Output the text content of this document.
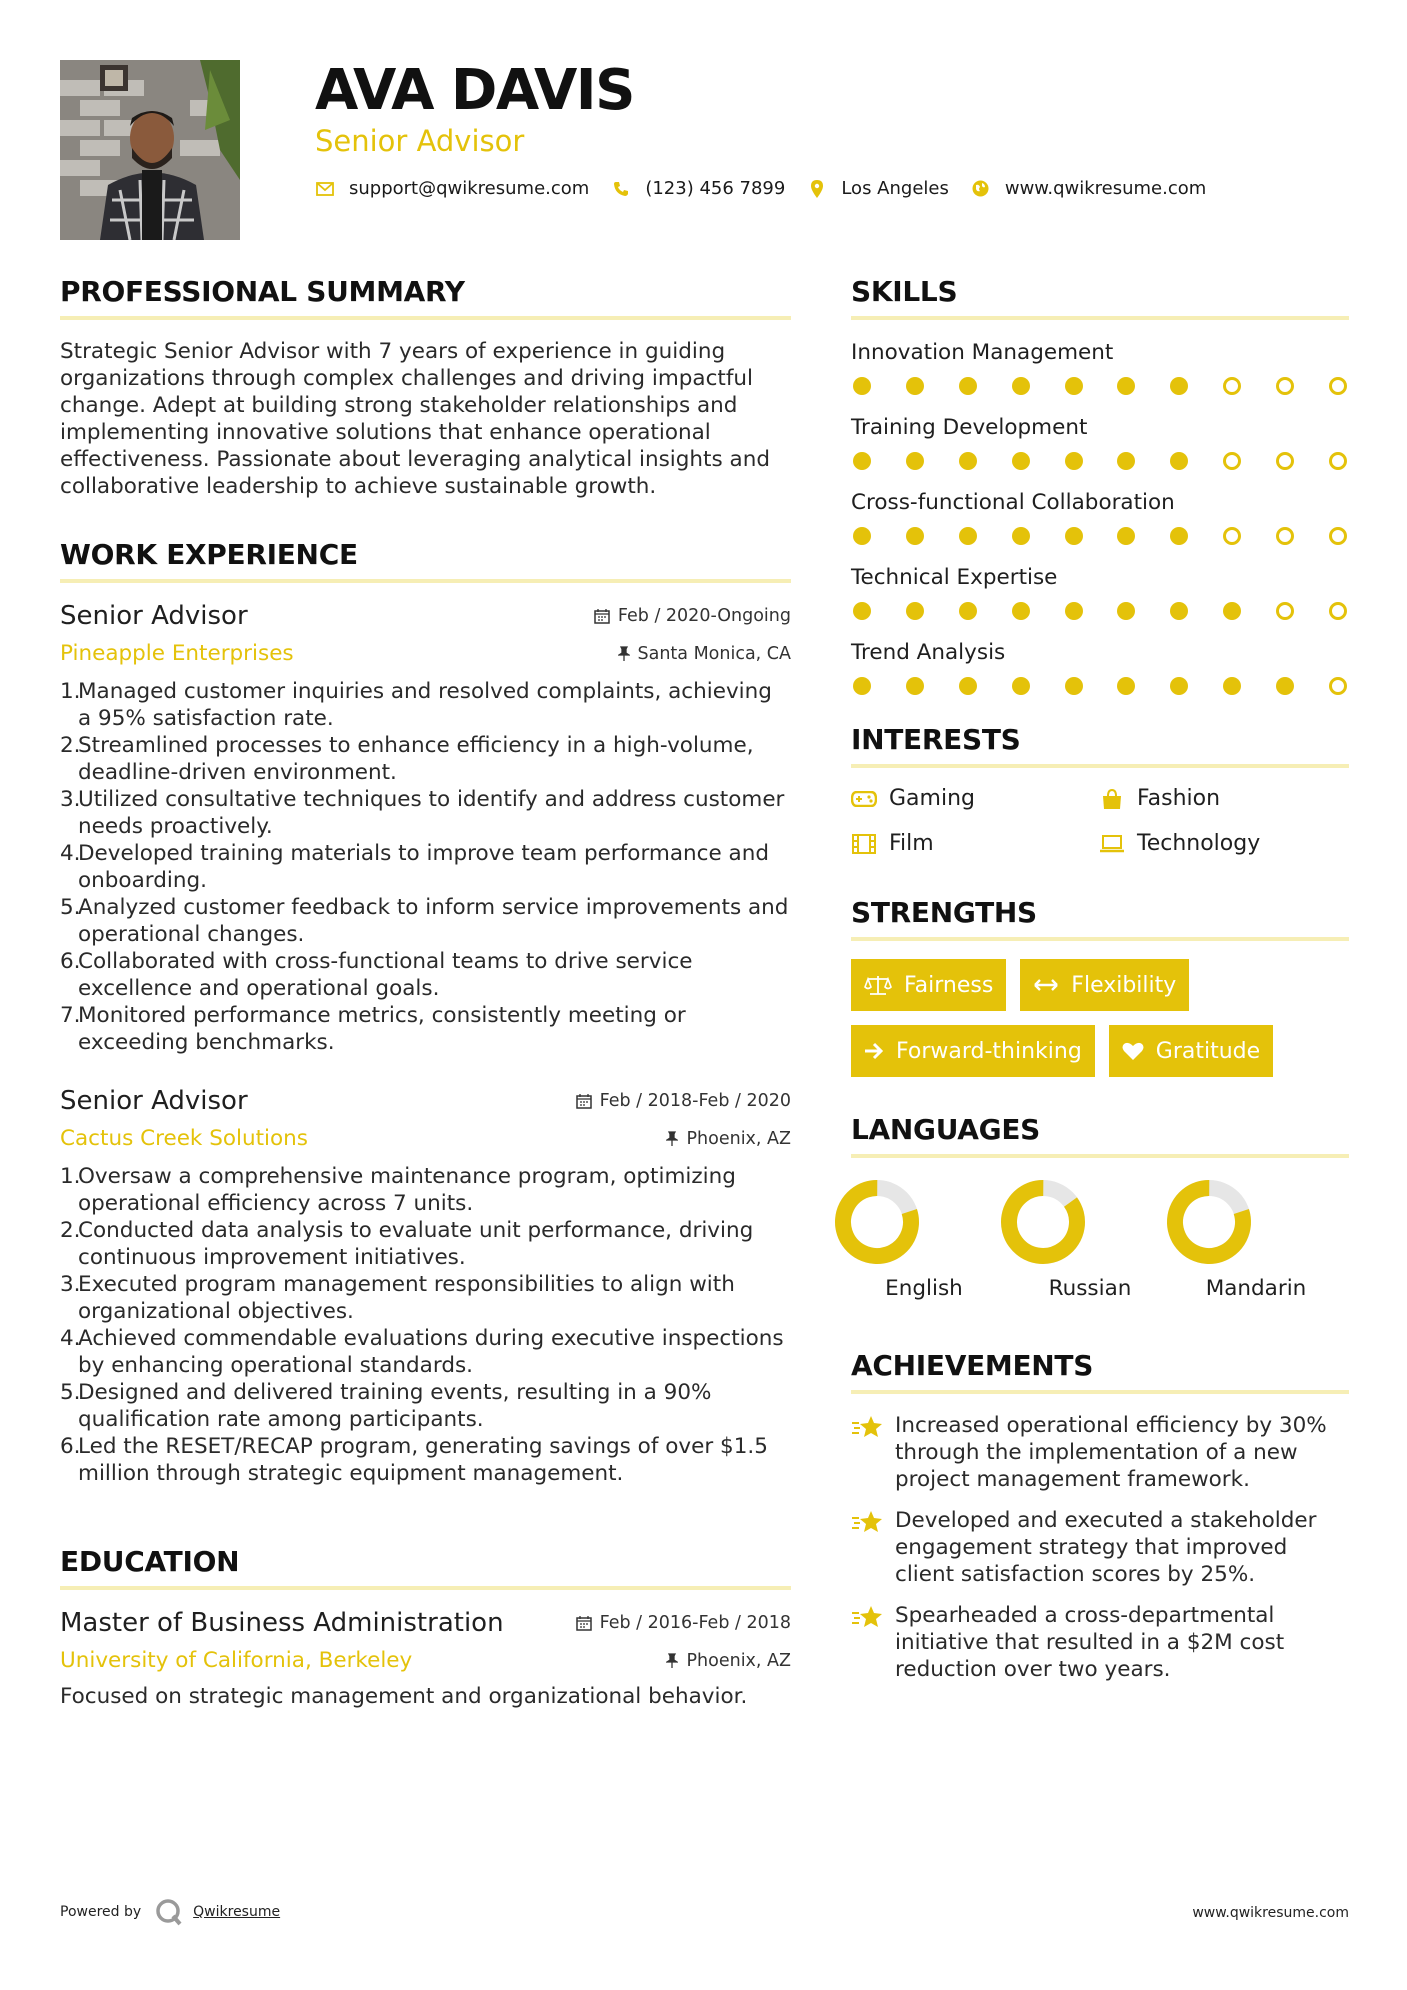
AVA DAVIS
Senior Advisor
support@qwikresume.com	(123) 456 7899	Los Angeles	www.qwikresume.com
PROFESSIONAL SUMMARY
Strategic Senior Advisor with 7 years of experience in guiding organizations through complex challenges and driving impactful change. Adept at building strong stakeholder relationships and implementing innovative solutions that enhance operational effectiveness. Passionate about leveraging analytical insights and collaborative leadership to achieve sustainable growth.
WORK EXPERIENCE
Senior Advisor	Feb / 2020-Ongoing
Pineapple Enterprises	Santa Monica, CA
1.Managed customer inquiries and resolved complaints, achieving a 95% satisfaction rate.
2.Streamlined processes to enhance efficiency in a high-volume, deadline-driven environment.
3.Utilized consultative techniques to identify and address customer needs proactively.
4.Developed training materials to improve team performance and onboarding.
5.Analyzed customer feedback to inform service improvements and operational changes.
6.Collaborated with cross-functional teams to drive service excellence and operational goals.
7.Monitored performance metrics, consistently meeting or exceeding benchmarks.
Senior Advisor	Feb / 2018-Feb / 2020
Cactus Creek Solutions	Phoenix, AZ
1.Oversaw a comprehensive maintenance program, optimizing operational efficiency across 7 units.
2.Conducted data analysis to evaluate unit performance, driving continuous improvement initiatives.
3.Executed program management responsibilities to align with organizational objectives.
4.Achieved commendable evaluations during executive inspections by enhancing operational standards.
5.Designed and delivered training events, resulting in a 90% qualification rate among participants.
6.Led the RESET/RECAP program, generating savings of over $1.5 million through strategic equipment management.
EDUCATION
Master of Business Administration	Feb / 2016-Feb / 2018
University of California, Berkeley	Phoenix, AZ
Focused on strategic management and organizational behavior.
SKILLS
Innovation Management
Training Development
Cross-functional Collaboration
Technical Expertise
Trend Analysis
INTERESTS
Gaming	Fashion
Film	Technology
STRENGTHS
Fairness	Flexibility
Forward-thinking	Gratitude
LANGUAGES
English	Russian	Mandarin
ACHIEVEMENTS
Increased operational efficiency by 30% through the implementation of a new project management framework.
Developed and executed a stakeholder engagement strategy that improved client satisfaction scores by 25%.
Spearheaded a cross-departmental initiative that resulted in a $2M cost reduction over two years.
Powered by	Qwikresume	www.qwikresume.com
